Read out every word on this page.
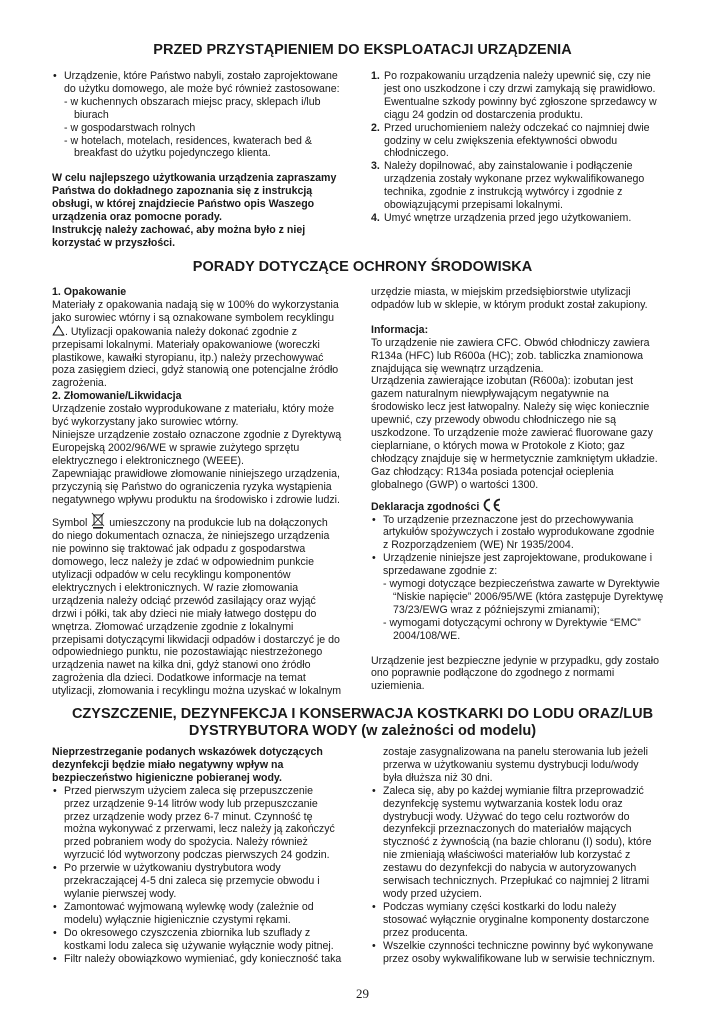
PRZED PRZYSTĄPIENIEM DO EKSPLOATACJI URZĄDZENIA
• Urządzenie, które Państwo nabyli, zostało zaprojektowane
do użytku domowego, ale może być również zastosowane:
- w kuchennych obszarach miejsc pracy, sklepach i/lub
biurach
- w gospodarstwach rolnych
- w hotelach, motelach, residences, kwaterach bed &
breakfast do użytku pojedynczego klienta.
W celu najlepszego użytkowania urządzenia zapraszamy
Państwa do dokładnego zapoznania się z instrukcją
obsługi, w której znajdziecie Państwo opis Waszego
urządzenia oraz pomocne porady.
Instrukcję należy zachować, aby można było z niej
korzystać w przyszłości.
1. Po rozpakowaniu urządzenia należy upewnić się, czy nie
jest ono uszkodzone i czy drzwi zamykają się prawidłowo.
Ewentualne szkody powinny być zgłoszone sprzedawcy w
ciągu 24 godzin od dostarczenia produktu.
2. Przed uruchomieniem należy odczekać co najmniej dwie
godziny w celu zwiększenia efektywności obwodu
chłodniczego.
3. Należy dopilnować, aby zainstalowanie i podłączenie
urządzenia zostały wykonane przez wykwalifikowanego
technika, zgodnie z instrukcją wytwórcy i zgodnie z
obowiązującymi przepisami lokalnymi.
4. Umyć wnętrze urządzenia przed jego użytkowaniem.
PORADY DOTYCZĄCE OCHRONY ŚRODOWISKA
1. Opakowanie
Materiały z opakowania nadają się w 100% do wykorzystania
jako surowiec wtórny i są oznakowane symbolem recyklingu
. Utylizacji opakowania należy dokonać zgodnie z
przepisami lokalnymi. Materiały opakowaniowe (woreczki
plastikowe, kawałki styropianu, itp.) należy przechowywać
poza zasięgiem dzieci, gdyż stanowią one potencjalne źródło
zagrożenia.
2. Złomowanie/Likwidacja
Urządzenie zostało wyprodukowane z materiału, który może
być wykorzystany jako surowiec wtórny.
Niniejsze urządzenie zostało oznaczone zgodnie z Dyrektywą
Europejską 2002/96/WE w sprawie zużytego sprzętu
elektrycznego i elektronicznego (WEEE).
Zapewniając prawidłowe złomowanie niniejszego urządzenia,
przyczynią się Państwo do ograniczenia ryzyka wystąpienia
negatywnego wpływu produktu na środowisko i zdrowie ludzi.
Symbol umieszczony na produkcie lub na dołączonych
do niego dokumentach oznacza, że niniejszego urządzenia
nie powinno się traktować jak odpadu z gospodarstwa
domowego, lecz należy je zdać w odpowiednim punkcie
utylizacji odpadów w celu recyklingu komponentów
elektrycznych i elektronicznych. W razie złomowania
urządzenia należy odciąć przewód zasilający oraz wyjąć
drzwi i półki, tak aby dzieci nie miały łatwego dostępu do
wnętrza. Złomować urządzenie zgodnie z lokalnymi
przepisami dotyczącymi likwidacji odpadów i dostarczyć je do
odpowiedniego punktu, nie pozostawiając niestrzeżonego
urządzenia nawet na kilka dni, gdyż stanowi ono źródło
zagrożenia dla dzieci. Dodatkowe informacje na temat
utylizacji, złomowania i recyklingu można uzyskać w lokalnym
urzędzie miasta, w miejskim przedsiębiorstwie utylizacji
odpadów lub w sklepie, w którym produkt został zakupiony.
Informacja:
To urządzenie nie zawiera CFC. Obwód chłodniczy zawiera
R134a (HFC) lub R600a (HC); zob. tabliczka znamionowa
znajdująca się wewnątrz urządzenia.
Urządzenia zawierające izobutan (R600a): izobutan jest
gazem naturalnym niewpływającym negatywnie na
środowisko lecz jest łatwopalny. Należy się więc koniecznie
upewnić, czy przewody obwodu chłodniczego nie są
uszkodzone. To urządzenie może zawierać fluorowane gazy
cieplarniane, o których mowa w Protokole z Kioto; gaz
chłodzący znajduje się w hermetycznie zamkniętym układzie.
Gaz chłodzący: R134a posiada potencjał ocieplenia
globalnego (GWP) o wartości 1300.
Deklaracja zgodności
• To urządzenie przeznaczone jest do przechowywania
artykułów spożywczych i zostało wyprodukowane zgodnie
z Rozporządzeniem (WE) Nr 1935/2004.
• Urządzenie niniejsze jest zaprojektowane, produkowane i
sprzedawane zgodnie z:
- wymogi dotyczące bezpieczeństwa zawarte w Dyrektywie
“Niskie napięcie” 2006/95/WE (która zastępuje Dyrektywę
73/23/EWG wraz z późniejszymi zmianami);
- wymogami dotyczącymi ochrony w Dyrektywie “EMC”
2004/108/WE.
Urządzenie jest bezpieczne jedynie w przypadku, gdy zostało
ono poprawnie podłączone do zgodnego z normami
uziemienia.
CZYSZCZENIE, DEZYNFEKCJA I KONSERWACJA KOSTKARKI DO LODU ORAZ/LUB
DYSTRYBUTORA WODY (w zależności od modelu)
Nieprzestrzeganie podanych wskazówek dotyczących
dezynfekcji będzie miało negatywny wpływ na
bezpieczeństwo higieniczne pobieranej wody.
• Przed pierwszym użyciem zaleca się przepuszczenie
przez urządzenie 9-14 litrów wody lub przepuszczanie
przez urządzenie wody przez 6-7 minut. Czynność tę
można wykonywać z przerwami, lecz należy ją zakończyć
przed pobraniem wody do spożycia. Należy również
wyrzucić lód wytworzony podczas pierwszych 24 godzin.
• Po przerwie w użytkowaniu dystrybutora wody
przekraczającej 4-5 dni zaleca się przemycie obwodu i
wylanie pierwszej wody.
• Zamontować wyjmowaną wylewkę wody (zależnie od
modelu) wyłącznie higienicznie czystymi rękami.
• Do okresowego czyszczenia zbiornika lub szuflady z
kostkami lodu zaleca się używanie wyłącznie wody pitnej.
• Filtr należy obowiązkowo wymieniać, gdy konieczność taka
zostaje zasygnalizowana na panelu sterowania lub jeżeli
przerwa w użytkowaniu systemu dystrybucji lodu/wody
była dłuższa niż 30 dni.
• Zaleca się, aby po każdej wymianie filtra przeprowadzić
dezynfekcję systemu wytwarzania kostek lodu oraz
dystrybucji wody. Używać do tego celu roztworów do
dezynfekcji przeznaczonych do materiałów mających
styczność z żywnością (na bazie chloranu (I) sodu), które
nie zmieniają właściwości materiałów lub korzystać z
zestawu do dezynfekcji do nabycia w autoryzowanych
serwisach technicznych. Przepłukać co najmniej 2 litrami
wody przed użyciem.
• Podczas wymiany części kostkarki do lodu należy
stosować wyłącznie oryginalne komponenty dostarczone
przez producenta.
• Wszelkie czynności techniczne powinny być wykonywane
przez osoby wykwalifikowane lub w serwisie technicznym.
29
